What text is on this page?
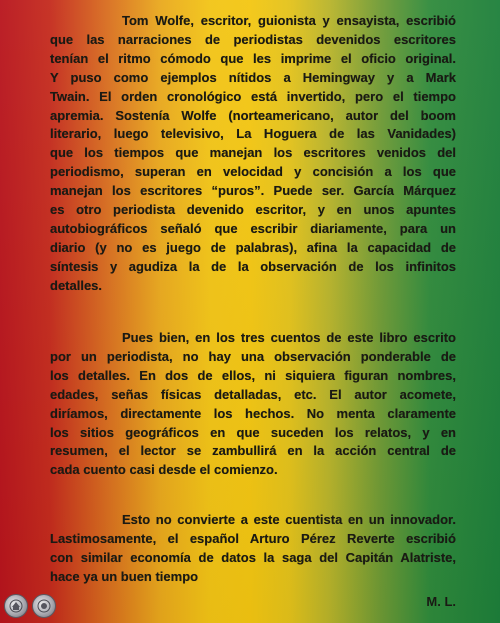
Tom Wolfe, escritor, guionista y ensayista, escribió
que las narraciones de periodistas devenidos escritores
tenían el ritmo cómodo que les imprime el oficio original.
Y puso como ejemplos nítidos a Hemingway y a Mark
Twain. El orden cronológico está invertido, pero el tiempo
apremia. Sostenía Wolfe (norteamericano, autor del boom
literario, luego televisivo, La Hoguera de las Vanidades)
que los tiempos que manejan los escritores venidos del
periodismo, superan en velocidad y concisión a los que
manejan los escritores “puros”. Puede ser. García Márquez
es otro periodista devenido escritor, y en unos apuntes
autobiográficos señaló que escribir diariamente, para un
diario (y no es juego de palabras), afina la capacidad de
síntesis y agudiza la de la observación de los infinitos
detalles.
Pues bien, en los tres cuentos de este libro escrito
por un periodista, no hay una observación ponderable de
los detalles. En dos de ellos, ni siquiera figuran nombres,
edades, señas físicas detalladas, etc. El autor acomete,
diríamos, directamente los hechos. No menta claramente
los sitios geográficos en que suceden los relatos, y en
resumen, el lector se zambullirá en la acción central de
cada cuento casi desde el comienzo.
Esto no convierte a este cuentista en un innovador.
Lastimosamente, el español Arturo Pérez Reverte escribió
con similar economía de datos la saga del Capitán Alatriste,
hace ya un buen tiempo
M. L.
